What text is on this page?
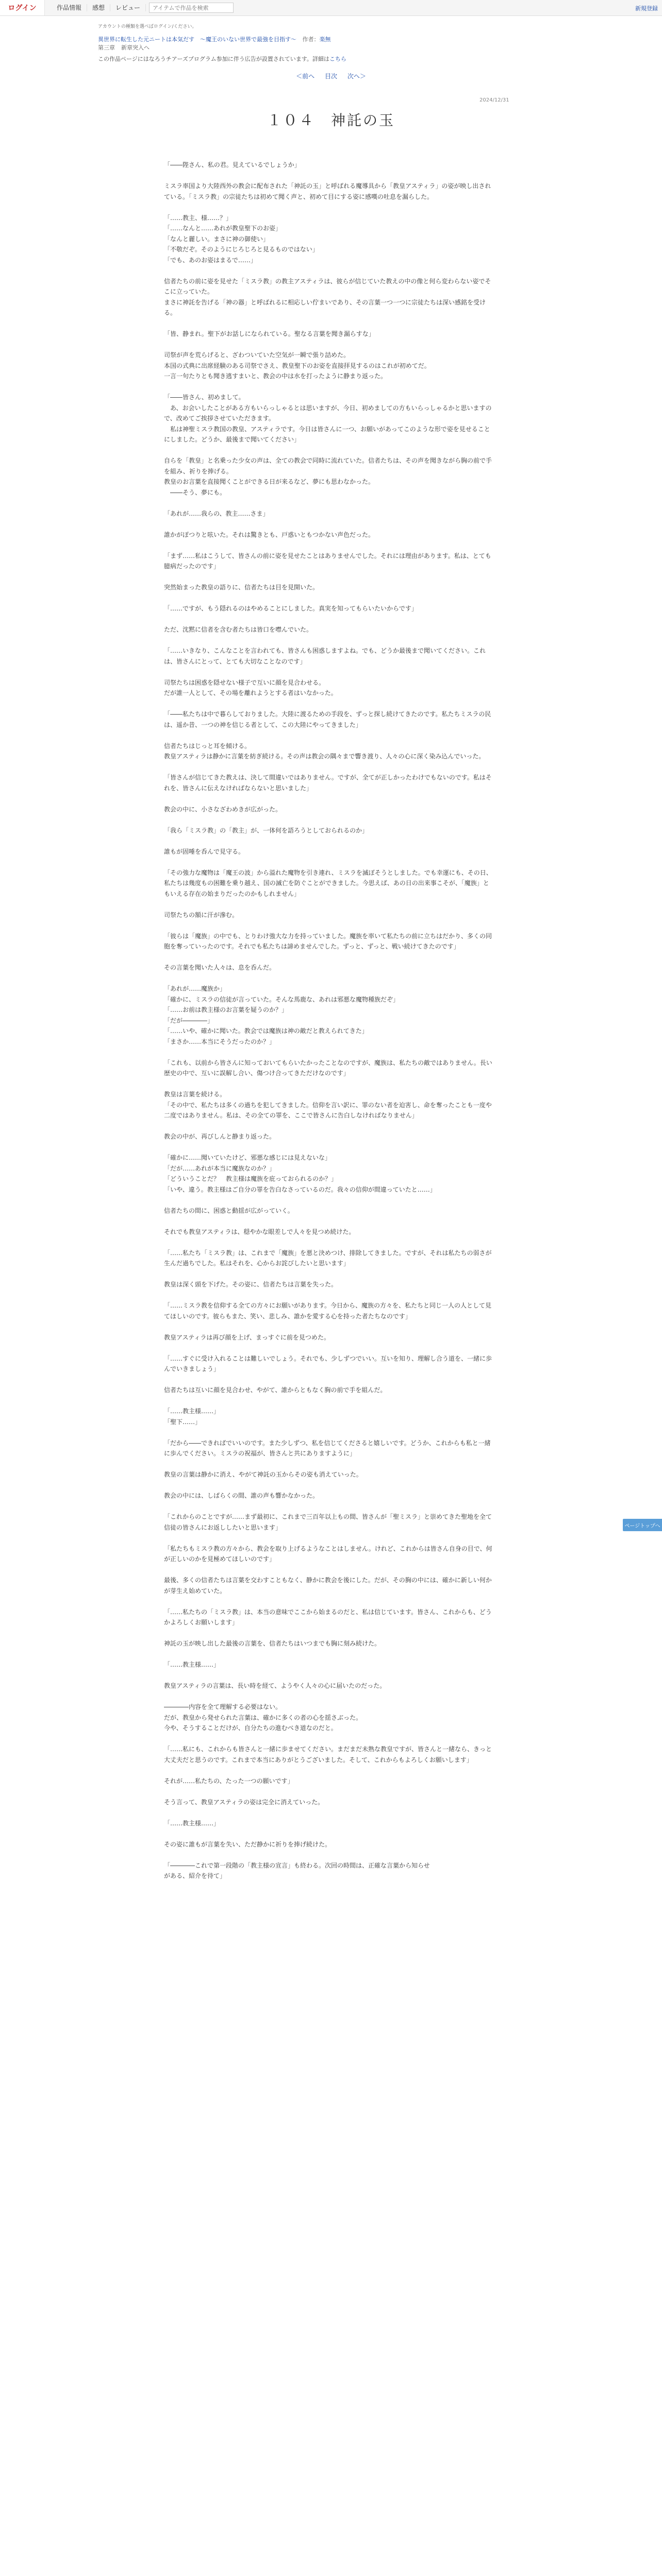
ログイン	作品情報	感想	レビュー
アイテムで作品を検索	新規登録
アカウントの種類を選べばログイン/ください。
異世界に転生した元ニートは本気だす　〜魔王のいない世界で最強を目指す〜 作者：楽無
第三章 新章突入へ
この作品ページにはなろうチアーズプログラム参加に伴う広告が設置されています。詳細はこちら
＜前へ 目次 次へ＞
2024/12/31
１０４　神託の玉

「――陛さん、私の君。見えているでしょうか」

ミスラ率国より大陸西外の教会に配布された「神託の玉」と呼ばれる魔導具から「教皇アスティラ」の姿が映し出されている。「ミスラ教」の宗徒たちは初めて聞く声と、初めて目にする姿に感嘆の吐息を漏らした。

「……教主、様……？」

「……なんと……あれが教皇聖下のお姿」

「なんと麗しい。まさに神の御使い」

「不敬だぞ。そのようにじろじろと見るものではない」

「でも、あのお姿はまるで……」

信者たちの前に姿を見せた「ミスラ教」の教主アスティラは、彼らが信じていた教えの中の像と何ら変わらない姿でそこに立っていた。

まさに神託を告げる「神の器」と呼ばれるに相応しい佇まいであり、その言葉一つ一つに宗徒たちは深い感銘を受ける。

「皆、静まれ。聖下がお話しになられている。聖なる言葉を聞き漏らすな」

司祭が声を荒らげると、ざわついていた空気が一瞬で張り詰めた。

本国の式典に出席経験のある司祭でさえ、教皇聖下のお姿を直接拝見するのはこれが初めてだ。

一言一句たりとも聞き逃すまいと、教会の中は水を打ったように静まり返った。

「――皆さん、初めまして。

　あ、お会いしたことがある方もいらっしゃるとは思いますが、今日、初めましての方もいらっしゃるかと思いますので、改めてご挨拶させていただきます。

　私は神聖ミスラ教国の教皇、アスティラです。今日は皆さんに一つ、お願いがあってこのような形で姿を見せることにしました。どうか、最後まで聞いてください」

自らを「教皇」と名乗った少女の声は、全ての教会で同時に流れていた。信者たちは、その声を聞きながら胸の前で手を組み、祈りを捧げる。

教皇のお言葉を直接聞くことができる日が来るなど、夢にも思わなかった。

　――そう、夢にも。

「あれが……我らの、教主……さま」

誰かがぽつりと呟いた。それは驚きとも、戸惑いともつかない声色だった。

「まず……私はこうして、皆さんの前に姿を見せたことはありませんでした。それには理由があります。私は、とても臆病だったのです」

突然始まった教皇の語りに、信者たちは目を見開いた。

「……ですが、もう隠れるのはやめることにしました。真実を知ってもらいたいからです」

ただ、沈黙に信者を含む者たちは皆口を噤んでいた。

「……いきなり、こんなことを言われても、皆さんも困惑しますよね。でも、どうか最後まで聞いてください。これは、皆さんにとって、とても大切なことなのです」

司祭たちは困惑を隠せない様子で互いに顔を見合わせる。

だが誰一人として、その場を離れようとする者はいなかった。

「――私たちは中で暮らしておりました。大陸に渡るための手段を、ずっと探し続けてきたのです。私たちミスラの民は、遥か昔、一つの神を信じる者として、この大陸にやってきました」

信者たちはじっと耳を傾ける。

教皇アスティラは静かに言葉を紡ぎ続ける。その声は教会の隅々まで響き渡り、人々の心に深く染み込んでいった。

「皆さんが信じてきた教えは、決して間違いではありません。ですが、全てが正しかったわけでもないのです。私はそれを、皆さんに伝えなければならないと思いました」

教会の中に、小さなざわめきが広がった。

「我ら「ミスラ教」の「教主」が、一体何を語ろうとしておられるのか」

誰もが固唾を呑んで見守る。

「その強力な魔物は「魔王の波」から溢れた魔物を引き連れ、ミスラを滅ぼそうとしました。でも幸運にも、その日、私たちは幾度もの困難を乗り越え、国の滅亡を防ぐことができました。今思えば、あの日の出来事こそが、「魔族」ともいえる存在の始まりだったのかもしれません」

司祭たちの額に汗が滲む。

「彼らは「魔族」の中でも、とりわけ強大な力を持っていました。魔族を率いて私たちの前に立ちはだかり、多くの同胞を奪っていったのです。それでも私たちは諦めませんでした。ずっと、ずっと、戦い続けてきたのです」

その言葉を聞いた人々は、息を呑んだ。

「あれが……魔族か」

「確かに、ミスラの信徒が言っていた。そんな馬鹿な、あれは邪悪な魔物種族だぞ」

「……お前は教主様のお言葉を疑うのか？」

「だが――――」

「……いや、確かに聞いた。教会では魔族は神の敵だと教えられてきた」

「まさか……本当にそうだったのか？」

「これも、以前から皆さんに知っておいてもらいたかったことなのですが、魔族は、私たちの敵ではありません。長い歴史の中で、互いに誤解し合い、傷つけ合ってきただけなのです」

教皇は言葉を続ける。

「その中で、私たちは多くの過ちを犯してきました。信仰を言い訳に、罪のない者を迫害し、命を奪ったことも一度や二度ではありません。私は、その全ての罪を、ここで皆さんに告白しなければなりません」

教会の中が、再びしんと静まり返った。

「確かに……聞いていたけど、邪悪な感じには見えないな」

「だが……あれが本当に魔族なのか？」

「どういうことだ？　教主様は魔族を庇っておられるのか？」

「いや、違う。教主様はご自分の罪を告白なさっているのだ。我々の信仰が間違っていたと……」

信者たちの間に、困惑と動揺が広がっていく。

それでも教皇アスティラは、穏やかな眼差しで人々を見つめ続けた。

「……私たち「ミスラ教」は、これまで「魔族」を悪と決めつけ、排除してきました。ですが、それは私たちの弱さが生んだ過ちでした。私はそれを、心からお詫びしたいと思います」

教皇は深く頭を下げた。その姿に、信者たちは言葉を失った。

「……ミスラ教を信仰する全ての方々にお願いがあります。今日から、魔族の方々を、私たちと同じ一人の人として見てほしいのです。彼らもまた、笑い、悲しみ、誰かを愛する心を持った者たちなのです」

教皇アスティラは再び顔を上げ、まっすぐに前を見つめた。

「……すぐに受け入れることは難しいでしょう。それでも、少しずつでいい。互いを知り、理解し合う道を、一緒に歩んでいきましょう」

信者たちは互いに顔を見合わせ、やがて、誰からともなく胸の前で手を組んだ。

「……教主様……」

「聖下……」

「だから――できればでいいのです。また少しずつ、私を信じてくださると嬉しいです。どうか、これからも私と一緒に歩んでください。ミスラの祝福が、皆さんと共にありますように」

教皇の言葉は静かに消え、やがて神託の玉からその姿も消えていった。

教会の中には、しばらくの間、誰の声も響かなかった。

「これからのことですが……まず最初に、これまで三百年以上もの間、皆さんが「聖ミスラ」と崇めてきた聖地を全て信徒の皆さんにお返ししたいと思います」

「私たちもミスラ教の方々から、教会を取り上げるようなことはしません。けれど、これからは皆さん自身の目で、何が正しいのかを見極めてほしいのです」

最後、多くの信者たちは言葉を交わすこともなく、静かに教会を後にした。だが、その胸の中には、確かに新しい何かが芽生え始めていた。

「……私たちの「ミスラ教」は、本当の意味でここから始まるのだと、私は信じています。皆さん、これからも、どうかよろしくお願いします」

神託の玉が映し出した最後の言葉を、信者たちはいつまでも胸に刻み続けた。

「……教主様……」

教皇アスティラの言葉は、長い時を経て、ようやく人々の心に届いたのだった。

――――内容を全て理解する必要はない。

だが、教皇から発せられた言葉は、確かに多くの者の心を揺さぶった。

今や、そうすることだけが、自分たちの進むべき道なのだと。

「……私にも、これからも皆さんと一緒に歩ませてください。まだまだ未熟な教皇ですが、皆さんと一緒なら、きっと大丈夫だと思うのです。これまで本当にありがとうございました。そして、これからもよろしくお願いします」

それが……私たちの、たった一つの願いです」

そう言って、教皇アスティラの姿は完全に消えていった。

「……教主様……」

その姿に誰もが言葉を失い、ただ静かに祈りを捧げ続けた。

「――――これで第一段階の「教主様の宣言」も終わる。次回の時間は、正確な言葉から知らせ

がある、紹介を待て」

ページトップへ
